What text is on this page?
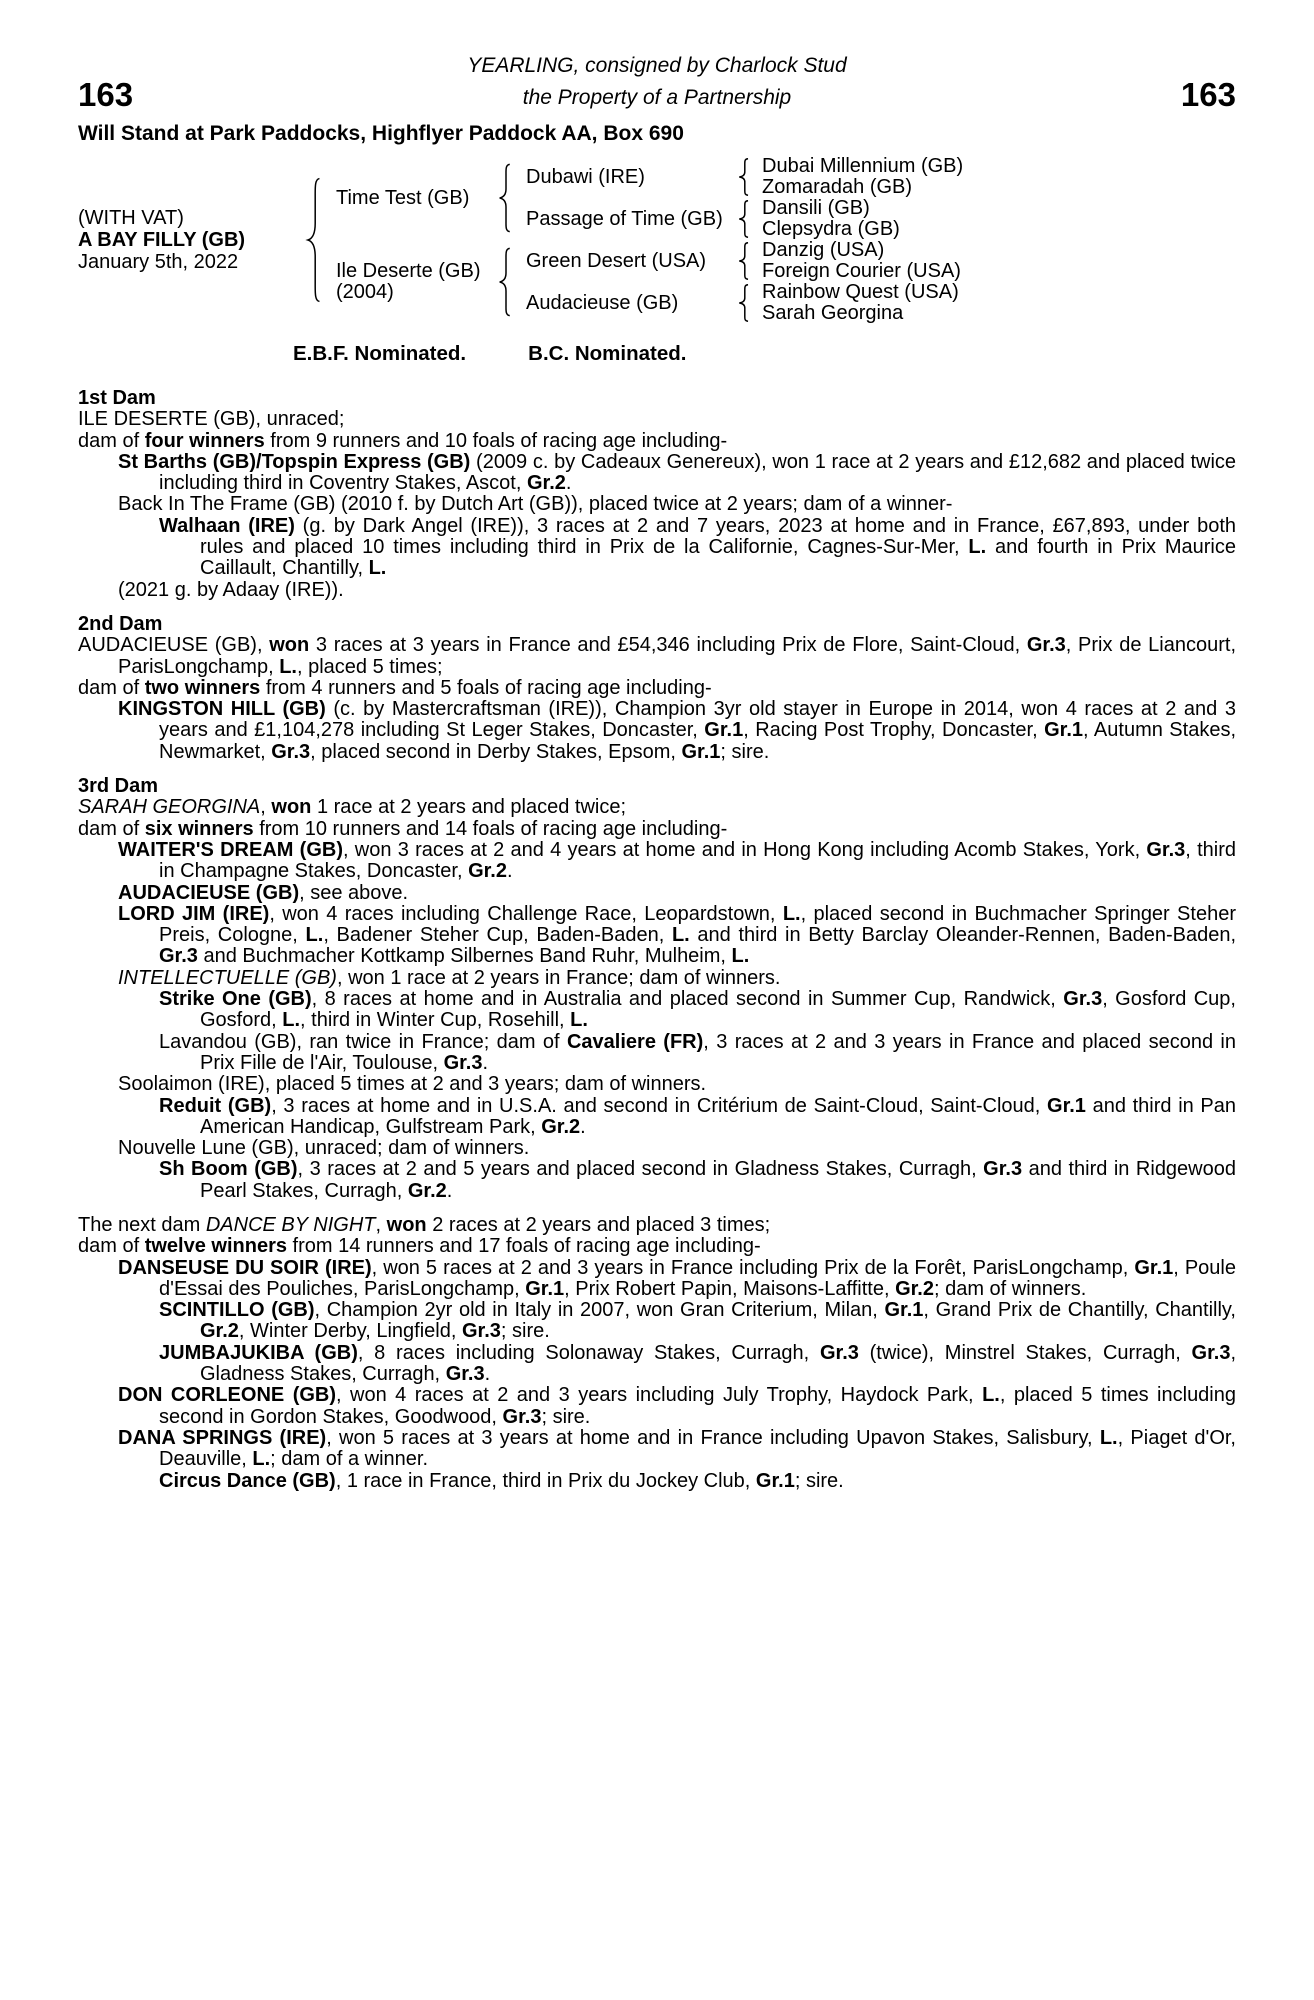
YEARLING, consigned by Charlock Stud
163	the Property of a Partnership	163
Will Stand at Park Paddocks, Highflyer Paddock AA, Box 690
(WITH VAT)
A BAY FILLY (GB)
January 5th, 2022
Time Test (GB)
Dubawi (IRE)	Dubai Millennium (GB)
Zomaradah (GB)
Passage of Time (GB)	Dansili (GB)
Clepsydra (GB)
Ile Deserte (GB)
(2004)
Green Desert (USA)	Danzig (USA)
Foreign Courier (USA)
Audacieuse (GB)	Rainbow Quest (USA)
Sarah Georgina
E.B.F. Nominated.	B.C. Nominated.
1st Dam

ILE DESERTE (GB), unraced;

dam of four winners from 9 runners and 10 foals of racing age including-

St Barths (GB)/Topspin Express (GB) (2009 c. by Cadeaux Genereux), won 1 race at 2 years and £12,682 and placed twice including third in Coventry Stakes, Ascot, Gr.2.

Back In The Frame (GB) (2010 f. by Dutch Art (GB)), placed twice at 2 years; dam of a winner-

Walhaan (IRE) (g. by Dark Angel (IRE)), 3 races at 2 and 7 years, 2023 at home and in France, £67,893, under both rules and placed 10 times including third in Prix de la Californie, Cagnes-Sur-Mer, L. and fourth in Prix Maurice Caillault, Chantilly, L.

(2021 g. by Adaay (IRE)).

2nd Dam

AUDACIEUSE (GB), won 3 races at 3 years in France and £54,346 including Prix de Flore, Saint-Cloud, Gr.3, Prix de Liancourt, ParisLongchamp, L., placed 5 times;

dam of two winners from 4 runners and 5 foals of racing age including-

KINGSTON HILL (GB) (c. by Mastercraftsman (IRE)), Champion 3yr old stayer in Europe in 2014, won 4 races at 2 and 3 years and £1,104,278 including St Leger Stakes, Doncaster, Gr.1, Racing Post Trophy, Doncaster, Gr.1, Autumn Stakes, Newmarket, Gr.3, placed second in Derby Stakes, Epsom, Gr.1; sire.

3rd Dam

SARAH GEORGINA, won 1 race at 2 years and placed twice;

dam of six winners from 10 runners and 14 foals of racing age including-

WAITER'S DREAM (GB), won 3 races at 2 and 4 years at home and in Hong Kong including Acomb Stakes, York, Gr.3, third in Champagne Stakes, Doncaster, Gr.2.

AUDACIEUSE (GB), see above.

LORD JIM (IRE), won 4 races including Challenge Race, Leopardstown, L., placed second in Buchmacher Springer Steher Preis, Cologne, L., Badener Steher Cup, Baden-Baden, L. and third in Betty Barclay Oleander-Rennen, Baden-Baden, Gr.3 and Buchmacher Kottkamp Silbernes Band Ruhr, Mulheim, L.

INTELLECTUELLE (GB), won 1 race at 2 years in France; dam of winners.

Strike One (GB), 8 races at home and in Australia and placed second in Summer Cup, Randwick, Gr.3, Gosford Cup, Gosford, L., third in Winter Cup, Rosehill, L.

Lavandou (GB), ran twice in France; dam of Cavaliere (FR), 3 races at 2 and 3 years in France and placed second in Prix Fille de l'Air, Toulouse, Gr.3.

Soolaimon (IRE), placed 5 times at 2 and 3 years; dam of winners.

Reduit (GB), 3 races at home and in U.S.A. and second in Critérium de Saint-Cloud, Saint-Cloud, Gr.1 and third in Pan American Handicap, Gulfstream Park, Gr.2.

Nouvelle Lune (GB), unraced; dam of winners.

Sh Boom (GB), 3 races at 2 and 5 years and placed second in Gladness Stakes, Curragh, Gr.3 and third in Ridgewood Pearl Stakes, Curragh, Gr.2.

The next dam DANCE BY NIGHT, won 2 races at 2 years and placed 3 times;

dam of twelve winners from 14 runners and 17 foals of racing age including-

DANSEUSE DU SOIR (IRE), won 5 races at 2 and 3 years in France including Prix de la Forêt, ParisLongchamp, Gr.1, Poule d'Essai des Pouliches, ParisLongchamp, Gr.1, Prix Robert Papin, Maisons-Laffitte, Gr.2; dam of winners.

SCINTILLO (GB), Champion 2yr old in Italy in 2007, won Gran Criterium, Milan, Gr.1, Grand Prix de Chantilly, Chantilly, Gr.2, Winter Derby, Lingfield, Gr.3; sire.

JUMBAJUKIBA (GB), 8 races including Solonaway Stakes, Curragh, Gr.3 (twice), Minstrel Stakes, Curragh, Gr.3, Gladness Stakes, Curragh, Gr.3.

DON CORLEONE (GB), won 4 races at 2 and 3 years including July Trophy, Haydock Park, L., placed 5 times including second in Gordon Stakes, Goodwood, Gr.3; sire.

DANA SPRINGS (IRE), won 5 races at 3 years at home and in France including Upavon Stakes, Salisbury, L., Piaget d'Or, Deauville, L.; dam of a winner.

Circus Dance (GB), 1 race in France, third in Prix du Jockey Club, Gr.1; sire.
